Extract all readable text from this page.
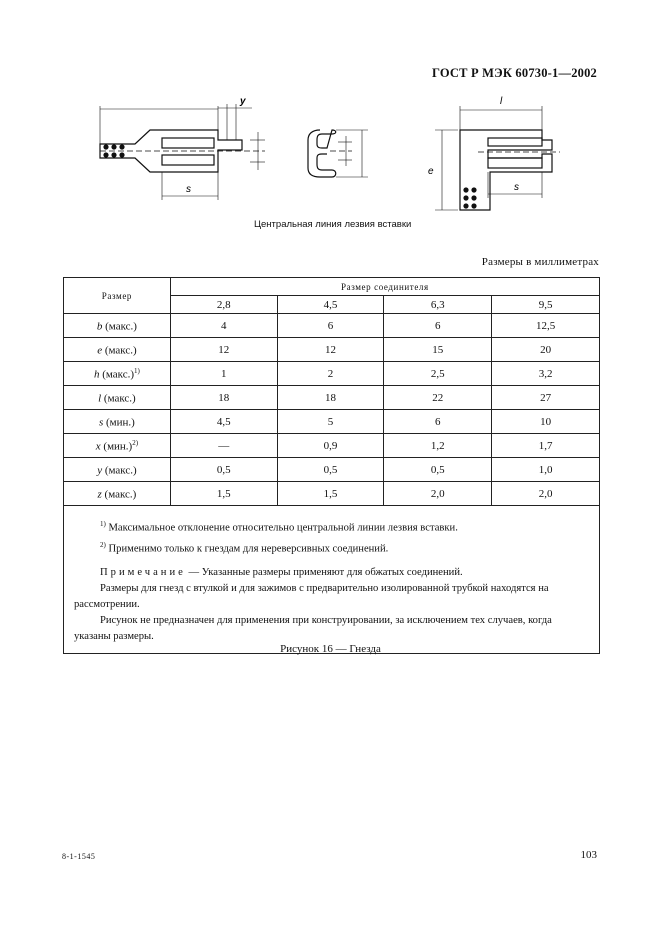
ГОСТ Р МЭК 60730-1—2002
y
s
l
e
s
Центральная линия лезвия вставки
Размеры в миллиметрах
Размер	Размер соединителя			
	2,8	4,5	6,3	9,5
b (макс.)	4	6	6	12,5
e (макс.)	12	12	15	20
h (макс.)$^{1)}$	1	2	2,5	3,2
l (макс.)	18	18	22	27
s (мин.)	4,5	5	6	10
x $(мин.)^{2)}$	—	0,9	1,2	1,7
y (макс.)	0,5	0,5	0,5	1,0
z (макс.)	1,5	1,5	2,0	2,0

$^{1)}$ Максимальное отклонение относительно центральной линии лезвия вставки.
$^{2)}$ Применимо только к гнездам для нереверсивных соединений.
Примечание — Указанные размеры применяют для обжатых соединений.
Размеры для гнезд с втулкой и для зажимов с предварительно изолированной трубкой находятся на рассмотрении.
Рисунок не предназначен для применения при конструировании, за исключением тех случаев, когда указаны размеры.				
Рисунок 16 — Гнезда
8-1-1545	103
